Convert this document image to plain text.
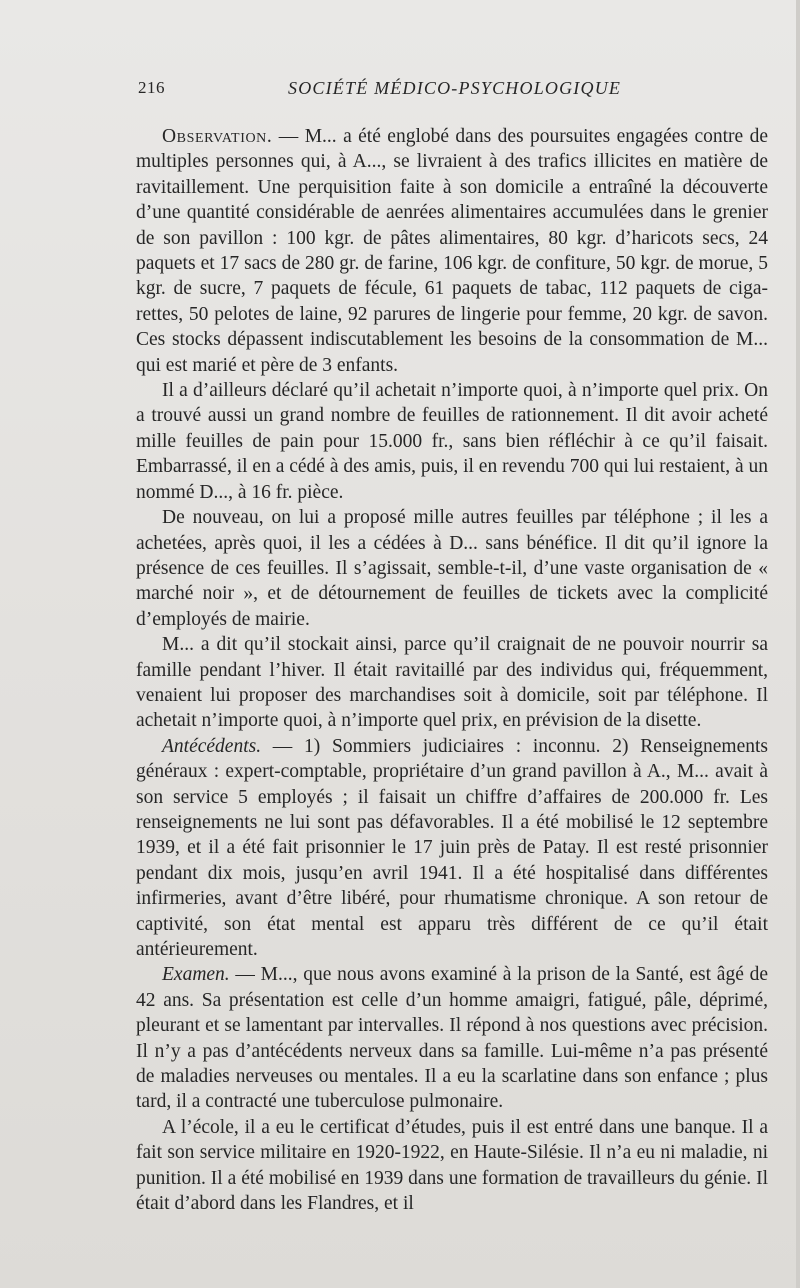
216	SOCIÉTÉ MÉDICO-PSYCHOLOGIQUE

Observation. — M... a été englobé dans des poursuites engagées contre de multiples personnes qui, à A..., se livraient à des trafics illicites en matière de ravitaillement. Une perquisition faite à son domicile a entraîné la découverte d’une quantité considérable de aenrées alimentaires accumulées dans le grenier de son pavillon : 100 kgr. de pâtes alimentaires, 80 kgr. d’haricots secs, 24 paquets et 17 sacs de 280 gr. de farine, 106 kgr. de confiture, 50 kgr. de morue, 5 kgr. de sucre, 7 paquets de fécule, 61 paquets de tabac, 112 paquets de cigarettes, 50 pelotes de laine, 92 parures de lingerie pour femme, 20 kgr. de savon. Ces stocks dépassent indiscutablement les besoins de la consommation de M... qui est marié et père de 3 enfants.

Il a d’ailleurs déclaré qu’il achetait n’importe quoi, à n’importe quel prix. On a trouvé aussi un grand nombre de feuilles de rationnement. Il dit avoir acheté mille feuilles de pain pour 15.000 fr., sans bien réfléchir à ce qu’il faisait. Embarrassé, il en a cédé à des amis, puis, il en revendu 700 qui lui restaient, à un nommé D..., à 16 fr. pièce.

De nouveau, on lui a proposé mille autres feuilles par téléphone ; il les a achetées, après quoi, il les a cédées à D... sans bénéfice. Il dit qu’il ignore la présence de ces feuilles. Il s’agissait, semble-t-il, d’une vaste organisation de « marché noir », et de détournement de feuilles de tickets avec la complicité d’employés de mairie.

M... a dit qu’il stockait ainsi, parce qu’il craignait de ne pouvoir nourrir sa famille pendant l’hiver. Il était ravitaillé par des individus qui, fréquemment, venaient lui proposer des marchandises soit à domicile, soit par téléphone. Il achetait n’importe quoi, à n’importe quel prix, en prévision de la disette.

Antécédents. — 1) Sommiers judiciaires : inconnu. 2) Renseignements généraux : expert-comptable, propriétaire d’un grand pavillon à A., M... avait à son service 5 employés ; il faisait un chiffre d’affaires de 200.000 fr. Les renseignements ne lui sont pas défavorables. Il a été mobilisé le 12 septembre 1939, et il a été fait prisonnier le 17 juin près de Patay. Il est resté prisonnier pendant dix mois, jusqu’en avril 1941. Il a été hospitalisé dans différentes infirmeries, avant d’être libéré, pour rhumatisme chronique. A son retour de captivité, son état mental est apparu très différent de ce qu’il était antérieurement.

Examen. — M..., que nous avons examiné à la prison de la Santé, est âgé de 42 ans. Sa présentation est celle d’un homme amaigri, fatigué, pâle, déprimé, pleurant et se lamentant par intervalles. Il répond à nos questions avec précision. Il n’y a pas d’antécédents nerveux dans sa famille. Lui-même n’a pas présenté de maladies nerveuses ou mentales. Il a eu la scarlatine dans son enfance ; plus tard, il a contracté une tuberculose pulmonaire.

A l’école, il a eu le certificat d’études, puis il est entré dans une banque. Il a fait son service militaire en 1920-1922, en Haute-Silésie. Il n’a eu ni maladie, ni punition. Il a été mobilisé en 1939 dans une formation de travailleurs du génie. Il était d’abord dans les Flandres, et il
